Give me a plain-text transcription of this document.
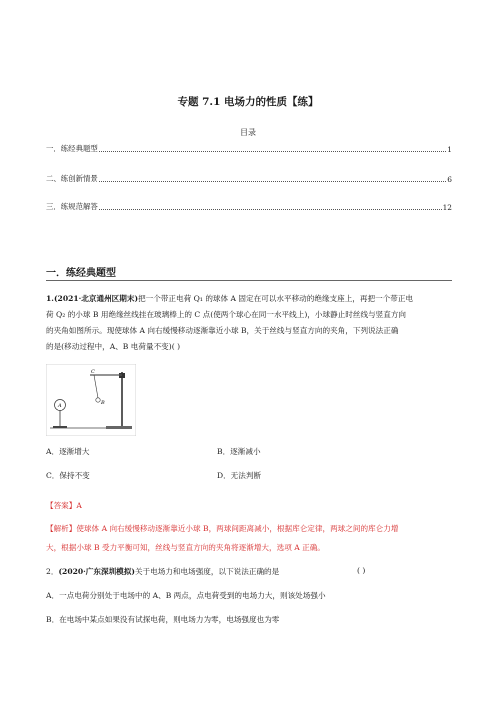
专题 7.1 电场力的性质【练】
目录
一．练经典题型	1
二、练创新情景	6
三．练规范解答	12
一．练经典题型
1.(2021·北京通州区期末)把一个带正电荷 Q₁ 的球体 A 固定在可以水平移动的绝缘支座上，再把一个带正电
荷 Q₂ 的小球 B 用绝缘丝线挂在玻璃棒上的 C 点(使两个球心在同一水平线上)，小球静止时丝线与竖直方向
的夹角如图所示。现使球体 A 向右缓慢移动逐渐靠近小球 B，关于丝线与竖直方向的夹角，下列说法正确
的是(移动过程中，A、B 电荷量不变)( )
C
B
A
A．逐渐增大	B．逐渐减小
C．保持不变	D．无法判断
【答案】A
【解析】使球体 A 向右缓慢移动逐渐靠近小球 B，两球间距离减小，根据库仑定律，两球之间的库仑力增
大，根据小球 B 受力平衡可知，丝线与竖直方向的夹角将逐渐增大，选项 A 正确。
2．(2020·广东深圳模拟)关于电场力和电场强度，以下说法正确的是	( )
A．一点电荷分别处于电场中的 A、B 两点，点电荷受到的电场力大，则该处场强小
B．在电场中某点如果没有试探电荷，则电场力为零，电场强度也为零
